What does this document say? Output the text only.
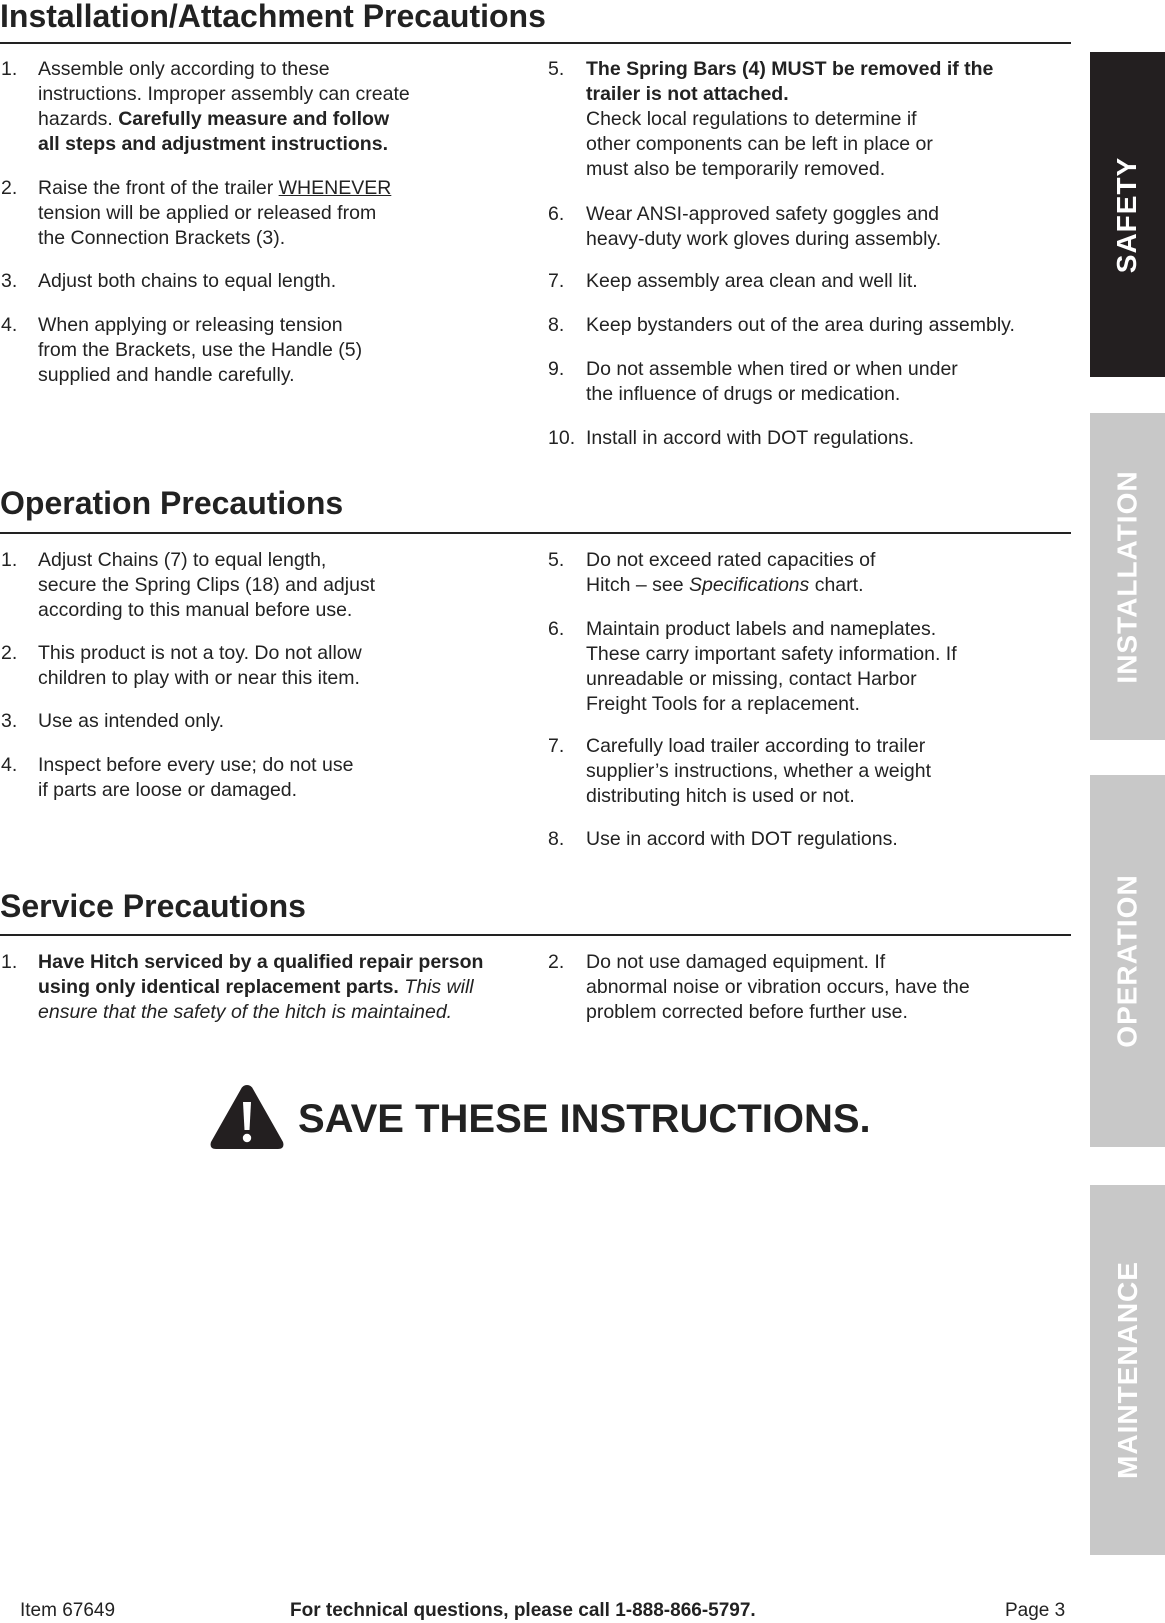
Installation/Attachment Precautions
1. Assemble only according to these
instructions. Improper assembly can create
hazards. Carefully measure and follow
all steps and adjustment instructions.
2. Raise the front of the trailer WHENEVER
tension will be applied or released from
the Connection Brackets (3).
3. Adjust both chains to equal length.
4. When applying or releasing tension
from the Brackets, use the Handle (5)
supplied and handle carefully.
5. The Spring Bars (4) MUST be removed if the
trailer is not attached.
Check local regulations to determine if
other components can be left in place or
must also be temporarily removed.
6. Wear ANSI-approved safety goggles and
heavy-duty work gloves during assembly.
7. Keep assembly area clean and well lit.
8. Keep bystanders out of the area during assembly.
9. Do not assemble when tired or when under
the influence of drugs or medication.
10. Install in accord with DOT regulations.
Operation Precautions
1. Adjust Chains (7) to equal length,
secure the Spring Clips (18) and adjust
according to this manual before use.
2. This product is not a toy. Do not allow
children to play with or near this item.
3. Use as intended only.
4. Inspect before every use; do not use
if parts are loose or damaged.
5. Do not exceed rated capacities of
Hitch – see Specifications chart.
6. Maintain product labels and nameplates.
These carry important safety information. If
unreadable or missing, contact Harbor
Freight Tools for a replacement.
7. Carefully load trailer according to trailer
supplier’s instructions, whether a weight
distributing hitch is used or not.
8. Use in accord with DOT regulations.
Service Precautions
1. Have Hitch serviced by a qualified repair person
using only identical replacement parts. This will
ensure that the safety of the hitch is maintained.
2. Do not use damaged equipment. If
abnormal noise or vibration occurs, have the
problem corrected before further use.
SAVE THESE INSTRUCTIONS.
SAFETY
INSTALLATION
OPERATION
MAINTENANCE
Item 67649	For technical questions, please call 1-888-866-5797.	Page 3
